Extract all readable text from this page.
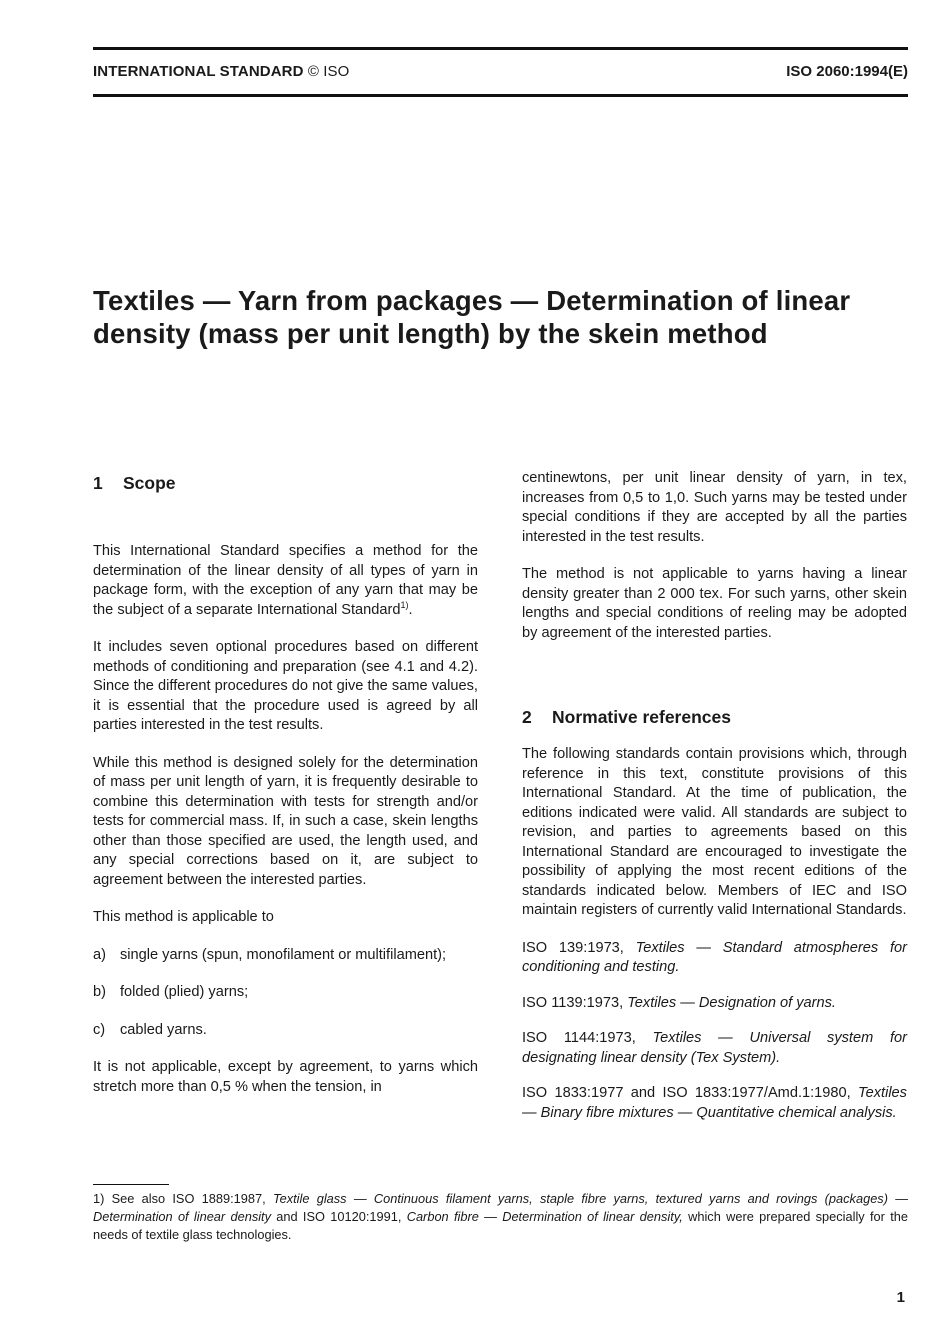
INTERNATIONAL STANDARD © ISO	ISO 2060:1994(E)
Textiles — Yarn from packages — Determination of linear density (mass per unit length) by the skein method
1 Scope

This International Standard specifies a method for the determination of the linear density of all types of yarn in package form, with the exception of any yarn that may be the subject of a separate International Standard$^{1)}$.

It includes seven optional procedures based on different methods of conditioning and preparation (see 4.1 and 4.2). Since the different procedures do not give the same values, it is essential that the procedure used is agreed by all parties interested in the test results.

While this method is designed solely for the determination of mass per unit length of yarn, it is frequently desirable to combine this determination with tests for strength and/or tests for commercial mass. If, in such a case, skein lengths other than those specified are used, the length used, and any special corrections based on it, are subject to agreement between the interested parties.

This method is applicable to

a) single yarns (spun, monofilament or multifilament);
b) folded (plied) yarns;
c)	cabled yarns.

It is not applicable, except by agreement, to yarns which stretch more than 0,5 % when the tension, in

centinewtons, per unit linear density of yarn, in tex, increases from 0,5 to 1,0. Such yarns may be tested under special conditions if they are accepted by all the parties interested in the test results.

The method is not applicable to yarns having a linear density greater than 2 000 tex. For such yarns, other skein lengths and special conditions of reeling may be adopted by agreement of the interested parties.

2 Normative references

The following standards contain provisions which, through reference in this text, constitute provisions of this International Standard. At the time of publication, the editions indicated were valid. All standards are subject to revision, and parties to agreements based on this International Standard are encouraged to investigate the possibility of applying the most recent editions of the standards indicated below. Members of IEC and ISO maintain registers of currently valid International Standards.

ISO 139:1973, Textiles — Standard atmospheres for conditioning and testing.
ISO 1139:1973, Textiles — Designation of yarns.
ISO 1144:1973, Textiles — Universal system for designating linear density (Tex System).
ISO 1833:1977 and ISO 1833:1977/Amd.1:1980, Textiles — Binary fibre mixtures — Quantitative chemical analysis.
1) See also ISO 1889:1987, Textile glass — Continuous filament yarns, staple fibre yarns, textured yarns and rovings (packages) — Determination of linear density and ISO 10120:1991, Carbon fibre — Determination of linear density, which were prepared specially for the needs of textile glass technologies.
1
